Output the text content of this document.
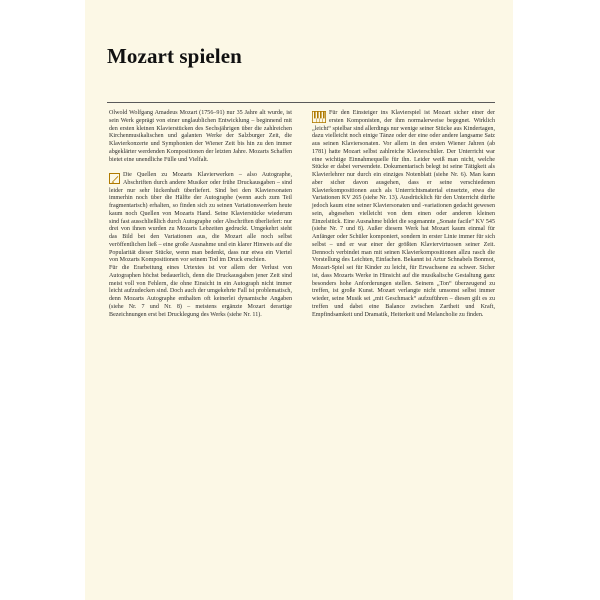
Mozart spielen

Olwold Wolfgang Amadeus Mozart (1756–91) nur 35 Jahre alt wurde, ist sein Werk geprägt von einer unglaublichen Entwicklung – beginnend mit den ersten kleinen Klavierstücken des Sechsjährigen über die zahlreichen Kirchenmusikalischen und galanten Werke der Salzburger Zeit, die Klavierkonzerte und Symphonien der Wiener Zeit bis hin zu den immer abgeklärter werdenden Kompositionen der letzten Jahre. Mozarts Schaffen bietet eine unendliche Fülle und Vielfalt.

Die Quellen zu Mozarts Klavierwerken – also Autographe, Abschriften durch andere Musiker oder frühe Druckausgaben – sind leider nur sehr lückenhaft überliefert. Sind bei den Klaviersonaten immerhin noch über die Hälfte der Autographe (wenn auch zum Teil fragmentarisch) erhalten, so finden sich zu seinen Variationswerken heute kaum noch Quellen von Mozarts Hand. Seine Klavierstücke wiederum sind fast ausschließlich durch Autographe oder Abschriften überliefert: nur drei von ihnen wurden zu Mozarts Lebzeiten gedruckt. Umgekehrt sieht das Bild bei den Variationen aus, die Mozart alle noch selbst veröffentlichen ließ – eine große Ausnahme und ein klarer Hinweis auf die Popularität dieser Stücke, wenn man bedenkt, dass nur etwa ein Viertel von Mozarts Kompositionen vor seinem Tod im Druck erschien.

Für die Erarbeitung eines Urtextes ist vor allem der Verlust von Autographen höchst bedauerlich, denn die Druckausgaben jener Zeit sind meist voll von Fehlern, die ohne Einsicht in ein Autograph nicht immer leicht aufzudecken sind. Doch auch der umgekehrte Fall ist problematisch, denn Mozarts Autographe enthalten oft keinerlei dynamische Angaben (siehe Nr. 7 und Nr. 8) – meistens ergänzte Mozart derartige Bezeichnungen erst bei Drucklegung des Werks (siehe Nr. 11).

Für den Einsteiger ins Klavierspiel ist Mozart sicher einer der ersten Komponisten, der ihm normalerweise begegnet. Wirklich „leicht“ spielbar sind allerdings nur wenige seiner Stücke aus Kindertagen, dazu vielleicht noch einige Tänze oder der eine oder andere langsame Satz aus seinen Klaviersonaten. Vor allem in den ersten Wiener Jahren (ab 1781) hatte Mozart selbst zahlreiche Klavierschüler. Der Unterricht war eine wichtige Einnahmequelle für ihn. Leider weiß man nicht, welche Stücke er dabei verwendete. Dokumentarisch belegt ist seine Tätigkeit als Klavierlehrer nur durch ein einziges Notenblatt (siehe Nr. 6). Man kann aber sicher davon ausgehen, dass er seine verschiedenen Klavierkompositionen auch als Unterrichtsmaterial einsetzte, etwa die Variationen KV 265 (siehe Nr. 13). Ausdrücklich für den Unterricht dürfte jedoch kaum eine seiner Klaviersonaten und -variationen gedacht gewesen sein, abgesehen vielleicht von dem einen oder anderen kleinen Einzelstück. Eine Ausnahme bildet die sogenannte „Sonate facile“ KV 545 (siehe Nr. 7 und 8). Außer diesem Werk hat Mozart kaum einmal für Anfänger oder Schüler komponiert, sondern in erster Linie immer für sich selbst – und er war einer der größten Klaviervirtuosen seiner Zeit. Dennoch verbindet man mit seinen Klavierkompositionen allzu rasch die Vorstellung des Leichten, Einfachen. Bekannt ist Artur Schnabels Bonmot, Mozart-Spiel sei für Kinder zu leicht, für Erwachsene zu schwer. Sicher ist, dass Mozarts Werke in Hinsicht auf die musikalische Gestaltung ganz besonders hohe Anforderungen stellen. Seinem „Ton“ überzeugend zu treffen, ist große Kunst. Mozart verlangte nicht umsonst selbst immer wieder, seine Musik sei „mit Geschmack“ aufzuführen – diesen gilt es zu treffen und dabei eine Balance zwischen Zartheit und Kraft, Empfindsamkeit und Dramatik, Heiterkeit und Melancholie zu finden.
